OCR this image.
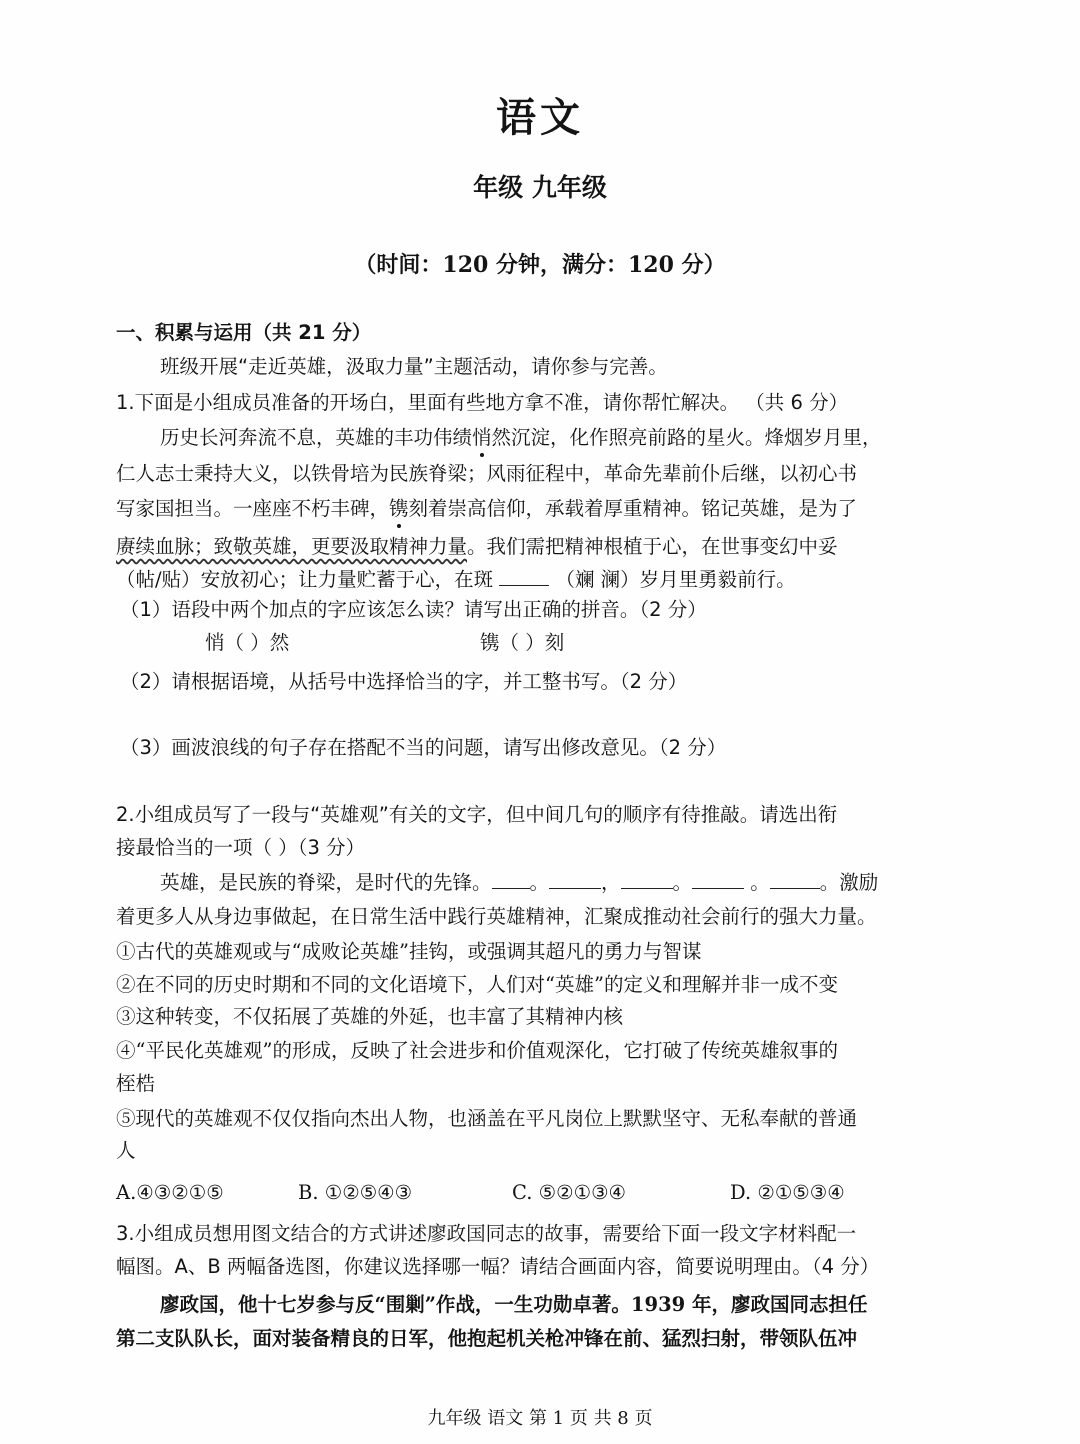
语文
年级 九年级
（时间：120 分钟，满分：120 分）
一、积累与运用（共 21 分）
班级开展“走近英雄，汲取力量”主题活动，请你参与完善。
1.下面是小组成员准备的开场白，里面有些地方拿不准，请你帮忙解决。 （共 6 分）
历史长河奔流不息，英雄的丰功伟绩悄然沉淀，化作照亮前路的星火。烽烟岁月里，
仁人志士秉持大义，以铁骨培为民族脊梁；风雨征程中，革命先辈前仆后继，以初心书
写家国担当。一座座不朽丰碑，镌刻着崇高信仰，承载着厚重精神。铭记英雄，是为了
赓续血脉；致敬英雄，更要汲取精神力量。我们需把精神根植于心，在世事变幻中妥
（帖/贴）安放初心；让力量贮蓄于心，在斑	（斓 澜）岁月里勇毅前行。
（1）语段中两个加点的字应该怎么读？请写出正确的拼音。（2 分）
悄（ ）然	镌（ ）刻
（2）请根据语境，从括号中选择恰当的字，并工整书写。（2 分）
（3）画波浪线的句子存在搭配不当的问题，请写出修改意见。（2 分）
2.小组成员写了一段与“英雄观”有关的文字，但中间几句的顺序有待推敲。请选出衔
接最恰当的一项（ ）（3 分）
英雄，是民族的脊梁，是时代的先锋。 。	，	。	。	。激励
着更多人从身边事做起，在日常生活中践行英雄精神，汇聚成推动社会前行的强大力量。
①古代的英雄观或与“成败论英雄”挂钩，或强调其超凡的勇力与智谋
②在不同的历史时期和不同的文化语境下，人们对“英雄”的定义和理解并非一成不变
③这种转变，不仅拓展了英雄的外延，也丰富了其精神内核
④“平民化英雄观”的形成，反映了社会进步和价值观深化，它打破了传统英雄叙事的
桎梏
⑤现代的英雄观不仅仅指向杰出人物，也涵盖在平凡岗位上默默坚守、无私奉献的普通
人
A.④③②①⑤	B. ①②⑤④③	C. ⑤②①③④	D. ②①⑤③④
3.小组成员想用图文结合的方式讲述廖政国同志的故事，需要给下面一段文字材料配一
幅图。A、B 两幅备选图，你建议选择哪一幅？请结合画面内容，简要说明理由。（4 分）
廖政国，他十七岁参与反“围剿”作战，一生功勋卓著。1939 年，廖政国同志担任
第二支队队长，面对装备精良的日军，他抱起机关枪冲锋在前、猛烈扫射，带领队伍冲
九年级 语文 第 1 页 共 8 页
